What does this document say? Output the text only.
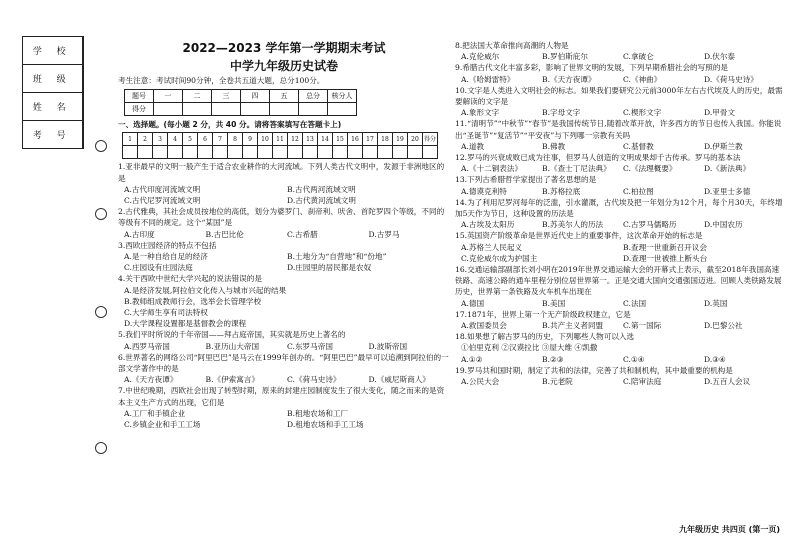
学 校	
班 级	
姓 名	
考 号	
2022—2023 学年第一学期期末考试
中学九年级历史试卷
考生注意：考试时间90分钟，全卷共五道大题，总分100分。
题号	一	二	三	四	五	总分	核分人
得分							
一、选择题。(每小题 2 分，共 40 分。请将答案填写在答题卡上)
1	2	3	4	5	6	7	8	9	10	11	12	13	14	15	16	17	18	19	20	得分

1.亚非最早的文明一般产生于适合农业耕作的大河流域。下列人类古代文明中，发源于非洲地区的是
A.古代印度河流域文明	B.古代两河流域文明
C.古代尼罗河流域文明	D.古代黄河流域文明
2.古代雅典，其社会成员按地位的高低，划分为婆罗门、刹帝利、吠舍、首陀罗四个等级，不同的等级有不同的规定。这个“某国”是
A.古印度	B.古巴比伦	C.古希腊	D.古罗马
3.西欧庄园经济的特点不包括
A.是一种自给自足的经济	B.土地分为“自营地”和“份地”
C.庄园设有庄园法庭	D.庄园里的居民都是农奴
4.关于西欧中世纪大学兴起的说法错误的是
A.是经济发展,阿拉伯文化传入与城市兴起的结果
B.教师组成教师行会，选举会长管理学校
C.大学师生享有司法特权
D.大学课程设置都是基督教会的课程
5.我们平时所说的千年帝国——拜占庭帝国，其实就是历史上著名的
A.西罗马帝国	B.亚历山大帝国	C.东罗马帝国	D.波斯帝国
6.世界著名的网络公司“阿里巴巴”是马云在1999年创办的。“阿里巴巴”最早可以追溯到阿拉伯的一部文学著作中的是
A.《天方夜谭》	B.《伊索寓言》	C.《荷马史诗》	D.《威尼斯商人》
7.中世纪晚期，西欧社会出现了转型时期，原来的封建庄园制度发生了很大变化，随之而来的是资本主义生产方式的出现，它们是
A.工厂和手镇企业	B.租地农场和工厂
C.乡镇企业和手工工场	D.租地农场和手工工场
8.把法国大革命推向高潮的人物是
A.克伦威尔	B.罗伯斯庇尔	C.拿破仑	D.伏尔泰
9.希腊古代文化丰富多彩，影响了世界文明的发展，下列早期希腊社会的写照的是
A.《哈姆雷特》	B.《天方夜谭》	C.《神曲》	D.《荷马史诗》
10.文字是人类进入文明社会的标志。如果我们要研究公元前3000年左右古代埃及人的历史，最需要解读的文字是
A.象形文字	B.字母文字	C.楔形文字	D.甲骨文
11.“清明节”“中秋节”“春节”是我国传统节日,随着改革开放，许多西方的节日也传入我国。你能说出“圣诞节”“复活节”“平安夜”与下列哪一宗教有关吗
A.道教	B.佛教	C.基督教	D.伊斯兰教
12.罗马的兴衰成败已成为往事，但罗马人创造的文明成果却千古传承。罗马的基本法
A.《十二铜表法》	B.《查士丁尼法典》	C.《法理概要》	D.《新法典》
13.下列古希腊哲学家提出了著名思想的是
A.德谟克利特	B.苏格拉底	C.柏拉图	D.亚里士多德
14.为了利用尼罗河每年的泛滥，引水灌溉，古代埃及把一年划分为12个月，每个月30天，年终增加5天作为节日，这种设置的历法是
A.古埃及太阳历	B.苏美尔人的历法	C.古罗马儒略历	D.中国农历
15.英国资产阶级革命是世界近代史上的重要事件，这次革命开始的标志是
A.苏格兰人民起义	B.查理一世重新召开议会
C.克伦威尔成为护国主	D.查理一世被推上断头台
16.交通运输部副部长刘小明在2019年世界交通运输大会的开幕式上表示，截至2018年我国高速铁路、高速公路的通车里程分别位居世界第一。正是交通大国向交通强国迈进。回顾人类铁路发展历史，世界第一条铁路及火车机车出现在
A.德国	B.美国	C.法国	D.英国
17.1871年，世界上第一个无产阶级政权建立，它是
A.救国委员会	B.共产主义者同盟	C.第一国际	D.巴黎公社
18.如果想了解古罗马的历史，下列哪些人物可以入选
①伯里克利 ②汉谟拉比 ③屋大维 ④凯撒
A.①②	B.②③	C.①④	D.③④
19.罗马共和国时期，制定了共和的法律，完善了共和制机构，其中最重要的机构是
A.公民大会	B.元老院	C.陪审法庭	D.五百人会议
九年级历史 共四页 (第一页)
